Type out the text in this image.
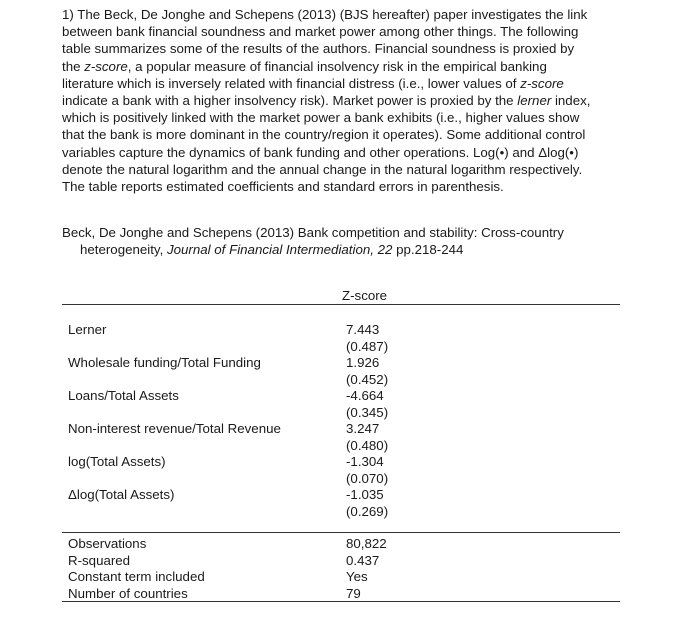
1) The Beck, De Jonghe and Schepens (2013) (BJS hereafter) paper investigates the link

between bank financial soundness and market power among other things. The following

table summarizes some of the results of the authors. Financial soundness is proxied by

the z-score, a popular measure of financial insolvency risk in the empirical banking

literature which is inversely related with financial distress (i.e., lower values of z-score

indicate a bank with a higher insolvency risk). Market power is proxied by the lerner index,

which is positively linked with the market power a bank exhibits (i.e., higher values show

that the bank is more dominant in the country/region it operates). Some additional control

variables capture the dynamics of bank funding and other operations. Log(•) and Δlog(•)

denote the natural logarithm and the annual change in the natural logarithm respectively.

The table reports estimated coefficients and standard errors in parenthesis.

Beck, De Jonghe and Schepens (2013) Bank competition and stability: Cross-country
heterogeneity, Journal of Financial Intermediation, 22 pp.218-244
Z-score
Lerner
Wholesale funding/Total Funding
Loans/Total Assets
Non-interest revenue/Total Revenue
log(Total Assets)
Δlog(Total Assets)
7.443
(0.487)
1.926
(0.452)
-4.664
(0.345)
3.247
(0.480)
-1.304
(0.070)
-1.035
(0.269)
Observations
R-squared
Constant term included
Number of countries
80,822
0.437
Yes
79
